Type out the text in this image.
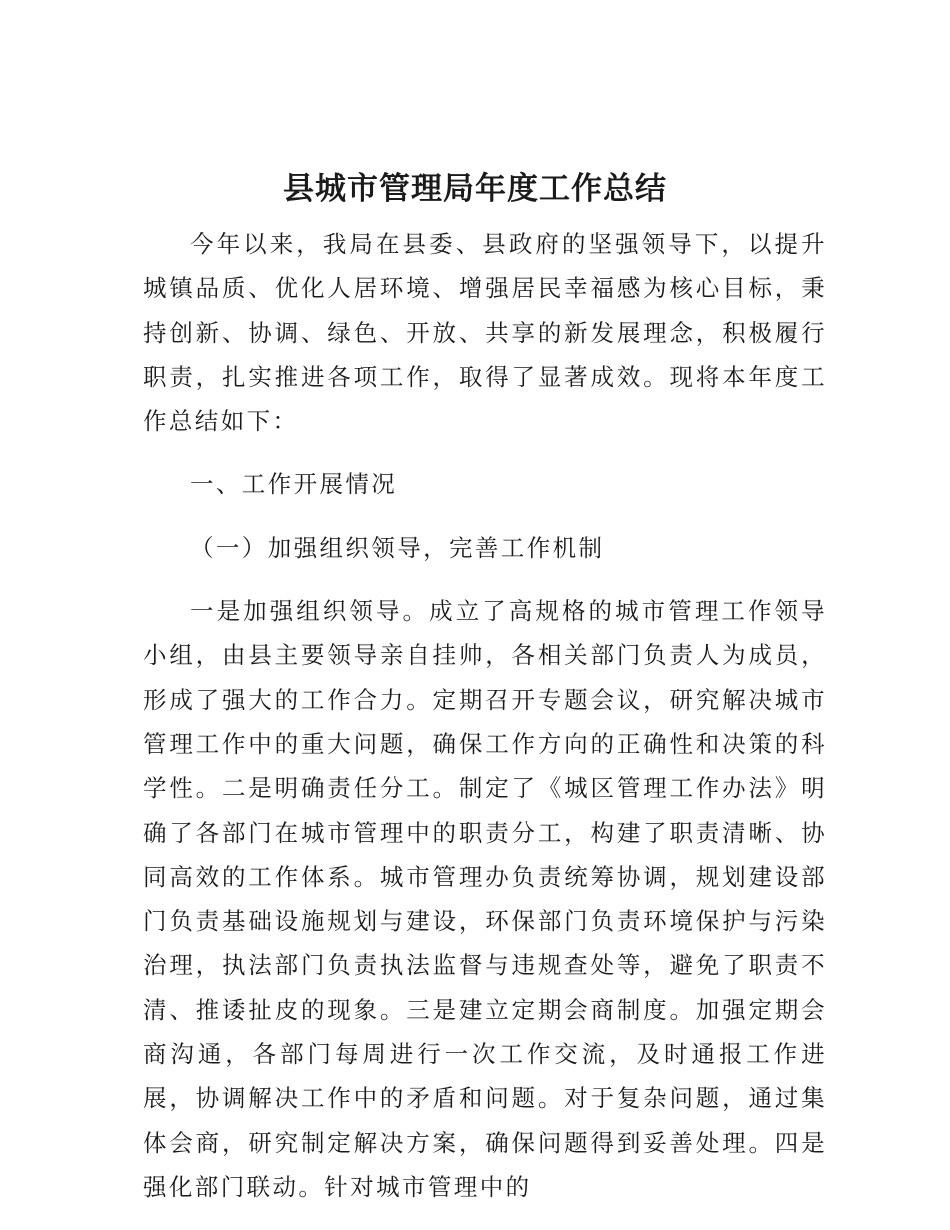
县城市管理局年度工作总结

今年以来，我局在县委、县政府的坚强领导下，以提升城镇品质、优化人居环境、增强居民幸福感为核心目标，秉持创新、协调、绿色、开放、共享的新发展理念，积极履行职责，扎实推进各项工作，取得了显著成效。现将本年度工作总结如下：

一、工作开展情况

（一）加强组织领导，完善工作机制

一是加强组织领导。成立了高规格的城市管理工作领导小组，由县主要领导亲自挂帅，各相关部门负责人为成员，形成了强大的工作合力。定期召开专题会议，研究解决城市管理工作中的重大问题，确保工作方向的正确性和决策的科学性。二是明确责任分工。制定了《城区管理工作办法》明确了各部门在城市管理中的职责分工，构建了职责清晰、协同高效的工作体系。城市管理办负责统筹协调，规划建设部门负责基础设施规划与建设，环保部门负责环境保护与污染治理，执法部门负责执法监督与违规查处等，避免了职责不清、推诿扯皮的现象。三是建立定期会商制度。加强定期会商沟通，各部门每周进行一次工作交流，及时通报工作进展，协调解决工作中的矛盾和问题。对于复杂问题，通过集体会商，研究制定解决方案，确保问题得到妥善处理。四是强化部门联动。针对城市管理中的
